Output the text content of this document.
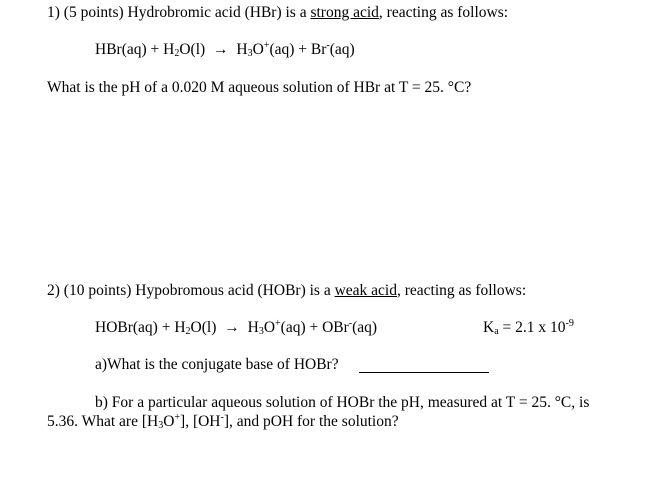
1) (5 points) Hydrobromic acid (HBr) is a strong acid, reacting as follows:
$HBr(aq) + H_2O(l) \to H_3O^+(aq) + Br^-(aq)$
What is the pH of a 0.020 M aqueous solution of HBr at T = 25. °C?
2) (10 points) Hypobromous acid (HOBr) is a weak acid, reacting as follows:
HOBr(aq) + $H_2O(l) \to H_3O^+(aq) + OBr^-(aq)$	$K_a = 2.1$ x $10^{-9}$
a)What is the conjugate base of HOBr?
b) For a particular aqueous solution of HOBr the pH, measured at T = 25. °C, is
5.36. What are $[H_3O^+]$, [OH-], and pOH for the solution?
